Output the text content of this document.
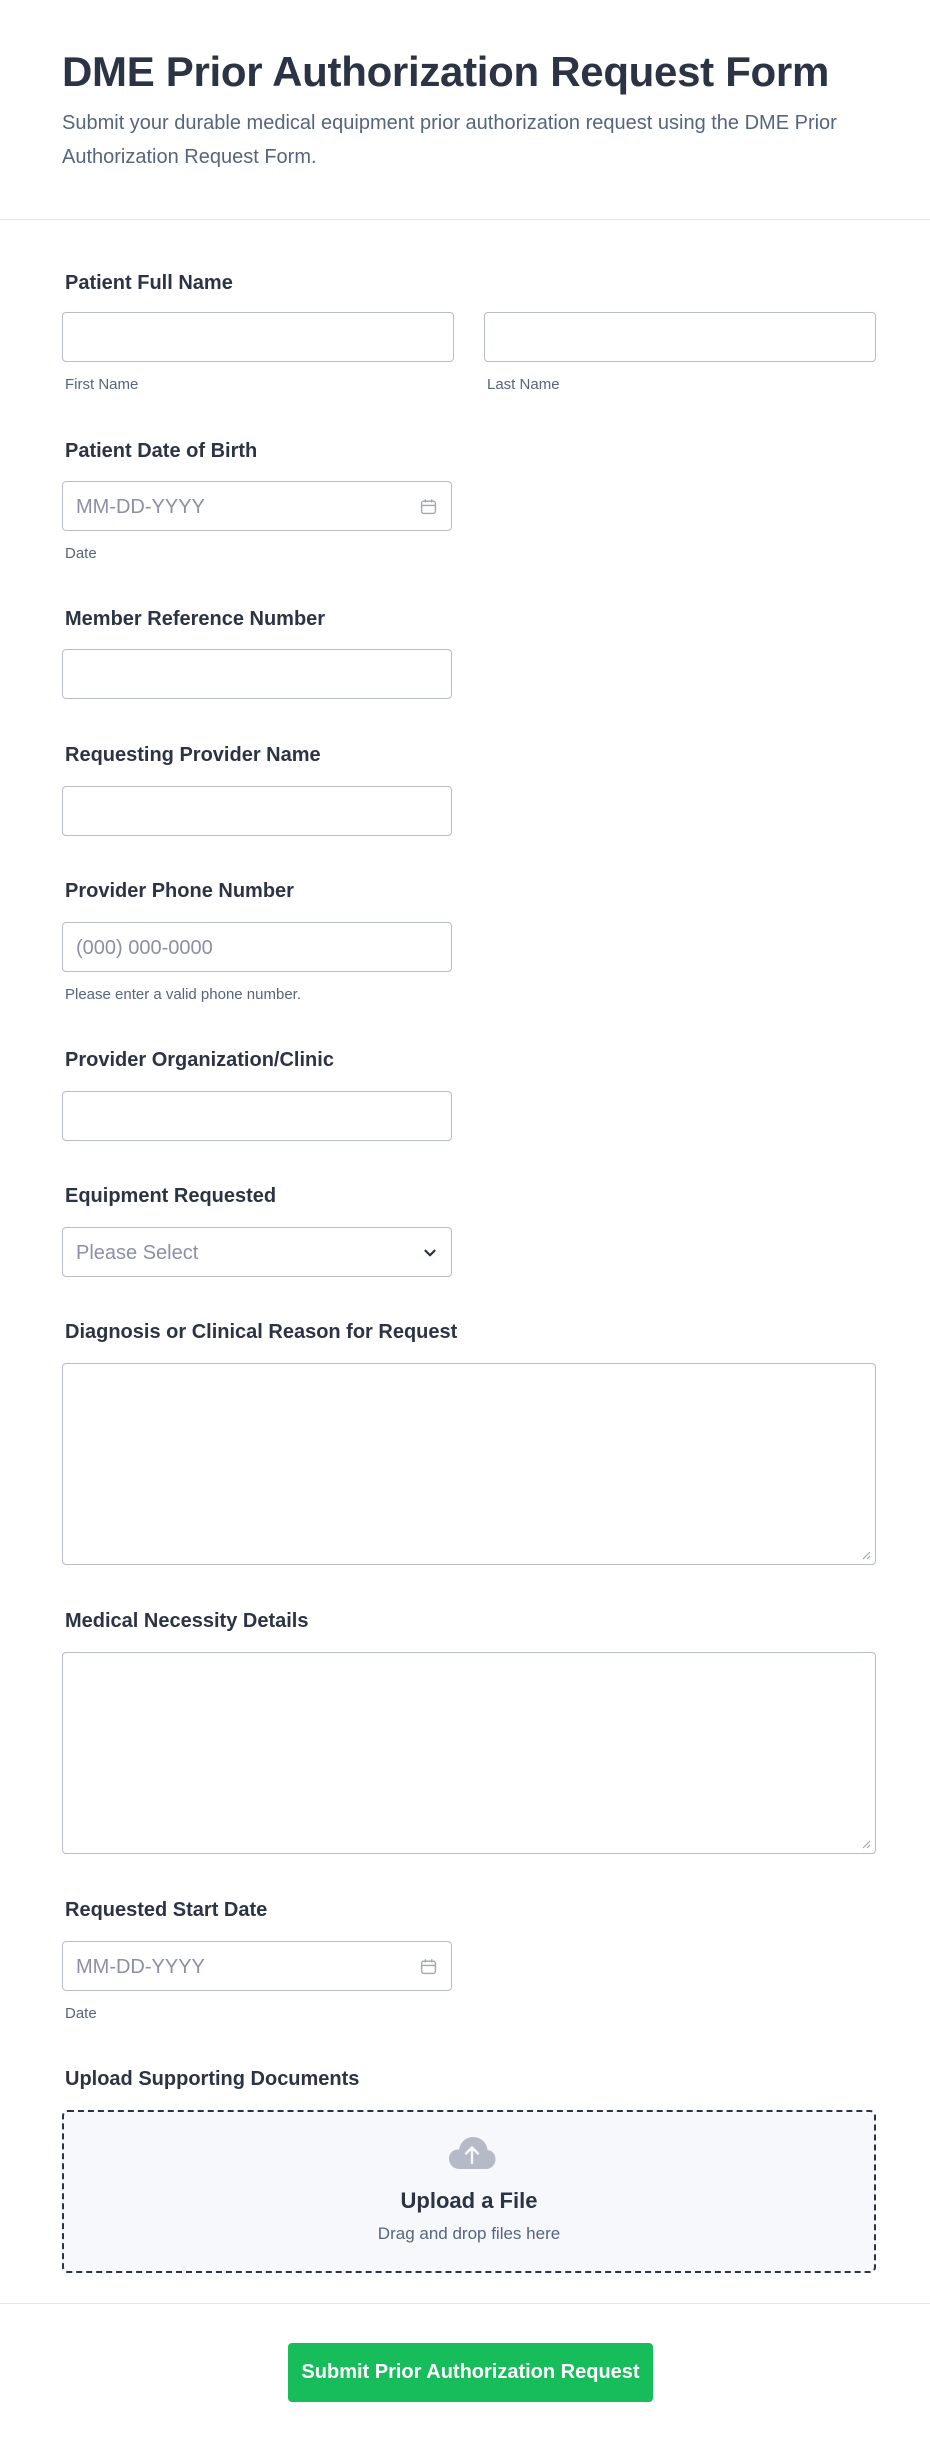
DME Prior Authorization Request Form
Submit your durable medical equipment prior authorization request using the DME Prior Authorization Request Form.
Patient Full Name
First Name	Last Name
Patient Date of Birth
MM-DD-YYYY
Date
Member Reference Number
Requesting Provider Name
Provider Phone Number
(000) 000-0000
Please enter a valid phone number.
Provider Organization/Clinic
Equipment Requested
Please Select
Diagnosis or Clinical Reason for Request
Medical Necessity Details
Requested Start Date
MM-DD-YYYY
Date
Upload Supporting Documents
Upload a File
Drag and drop files here
Submit Prior Authorization Request
